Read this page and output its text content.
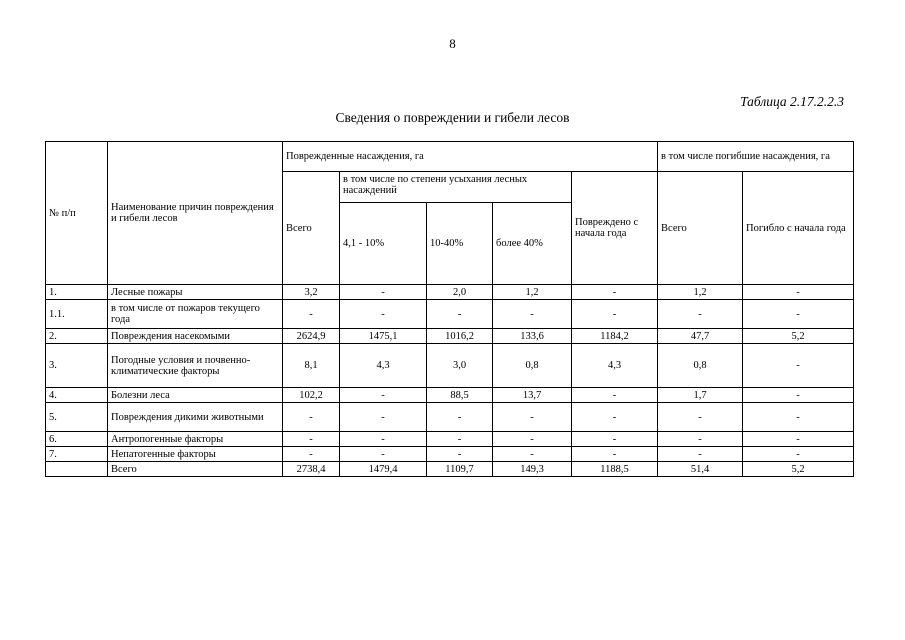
8
Таблица 2.17.2.2.3
Сведения о повреждении и гибели лесов
№ п/п	Наименование причин повреждения и гибели лесов	Поврежденные насаждения, га					в том числе погибшие насаждения, га	
		Всего	в том числе по степени усыхания лесных насаждений			Повреждено с начала года	Всего	Погибло с начала года
			4,1 - 10%	10-40%	более 40%			
1.	Лесные пожары	3,2	-	2,0	1,2	-	1,2	-
1.1.	в том числе от пожаров текущего года	-	-	-	-	-	-	-
2.	Повреждения насекомыми	2624,9	1475,1	1016,2	133,6	1184,2	47,7	5,2
3.	Погодные условия и почвенно-климатические факторы	8,1	4,3	3,0	0,8	4,3	0,8	-
4.	Болезни леса	102,2	-	88,5	13,7	-	1,7	-
5.	Повреждения дикими животными	-	-	-	-	-	-	-
6.	Антропогенные факторы	-	-	-	-	-	-	-
7.	Непатогенные факторы	-	-	-	-	-	-	-
	Всего	2738,4	1479,4	1109,7	149,3	1188,5	51,4	5,2
